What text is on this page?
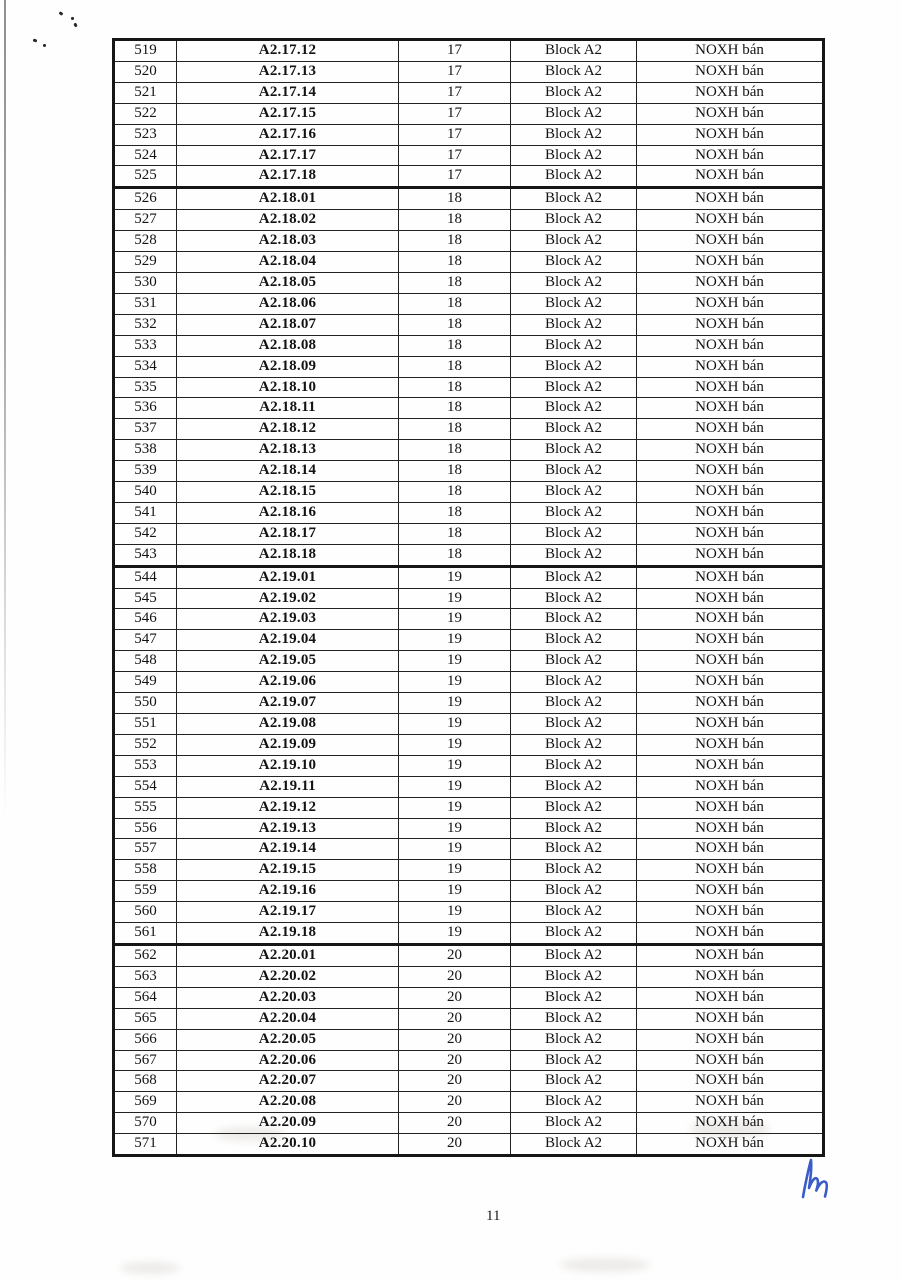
519	A2.17.12	17	Block A2	NOXH bán
520	A2.17.13	17	Block A2	NOXH bán
521	A2.17.14	17	Block A2	NOXH bán
522	A2.17.15	17	Block A2	NOXH bán
523	A2.17.16	17	Block A2	NOXH bán
524	A2.17.17	17	Block A2	NOXH bán
525	A2.17.18	17	Block A2	NOXH bán
526	A2.18.01	18	Block A2	NOXH bán
527	A2.18.02	18	Block A2	NOXH bán
528	A2.18.03	18	Block A2	NOXH bán
529	A2.18.04	18	Block A2	NOXH bán
530	A2.18.05	18	Block A2	NOXH bán
531	A2.18.06	18	Block A2	NOXH bán
532	A2.18.07	18	Block A2	NOXH bán
533	A2.18.08	18	Block A2	NOXH bán
534	A2.18.09	18	Block A2	NOXH bán
535	A2.18.10	18	Block A2	NOXH bán
536	A2.18.11	18	Block A2	NOXH bán
537	A2.18.12	18	Block A2	NOXH bán
538	A2.18.13	18	Block A2	NOXH bán
539	A2.18.14	18	Block A2	NOXH bán
540	A2.18.15	18	Block A2	NOXH bán
541	A2.18.16	18	Block A2	NOXH bán
542	A2.18.17	18	Block A2	NOXH bán
543	A2.18.18	18	Block A2	NOXH bán
544	A2.19.01	19	Block A2	NOXH bán
545	A2.19.02	19	Block A2	NOXH bán
546	A2.19.03	19	Block A2	NOXH bán
547	A2.19.04	19	Block A2	NOXH bán
548	A2.19.05	19	Block A2	NOXH bán
549	A2.19.06	19	Block A2	NOXH bán
550	A2.19.07	19	Block A2	NOXH bán
551	A2.19.08	19	Block A2	NOXH bán
552	A2.19.09	19	Block A2	NOXH bán
553	A2.19.10	19	Block A2	NOXH bán
554	A2.19.11	19	Block A2	NOXH bán
555	A2.19.12	19	Block A2	NOXH bán
556	A2.19.13	19	Block A2	NOXH bán
557	A2.19.14	19	Block A2	NOXH bán
558	A2.19.15	19	Block A2	NOXH bán
559	A2.19.16	19	Block A2	NOXH bán
560	A2.19.17	19	Block A2	NOXH bán
561	A2.19.18	19	Block A2	NOXH bán
562	A2.20.01	20	Block A2	NOXH bán
563	A2.20.02	20	Block A2	NOXH bán
564	A2.20.03	20	Block A2	NOXH bán
565	A2.20.04	20	Block A2	NOXH bán
566	A2.20.05	20	Block A2	NOXH bán
567	A2.20.06	20	Block A2	NOXH bán
568	A2.20.07	20	Block A2	NOXH bán
569	A2.20.08	20	Block A2	NOXH bán
570	A2.20.09	20	Block A2	NOXH bán
571	A2.20.10	20	Block A2	NOXH bán
11
